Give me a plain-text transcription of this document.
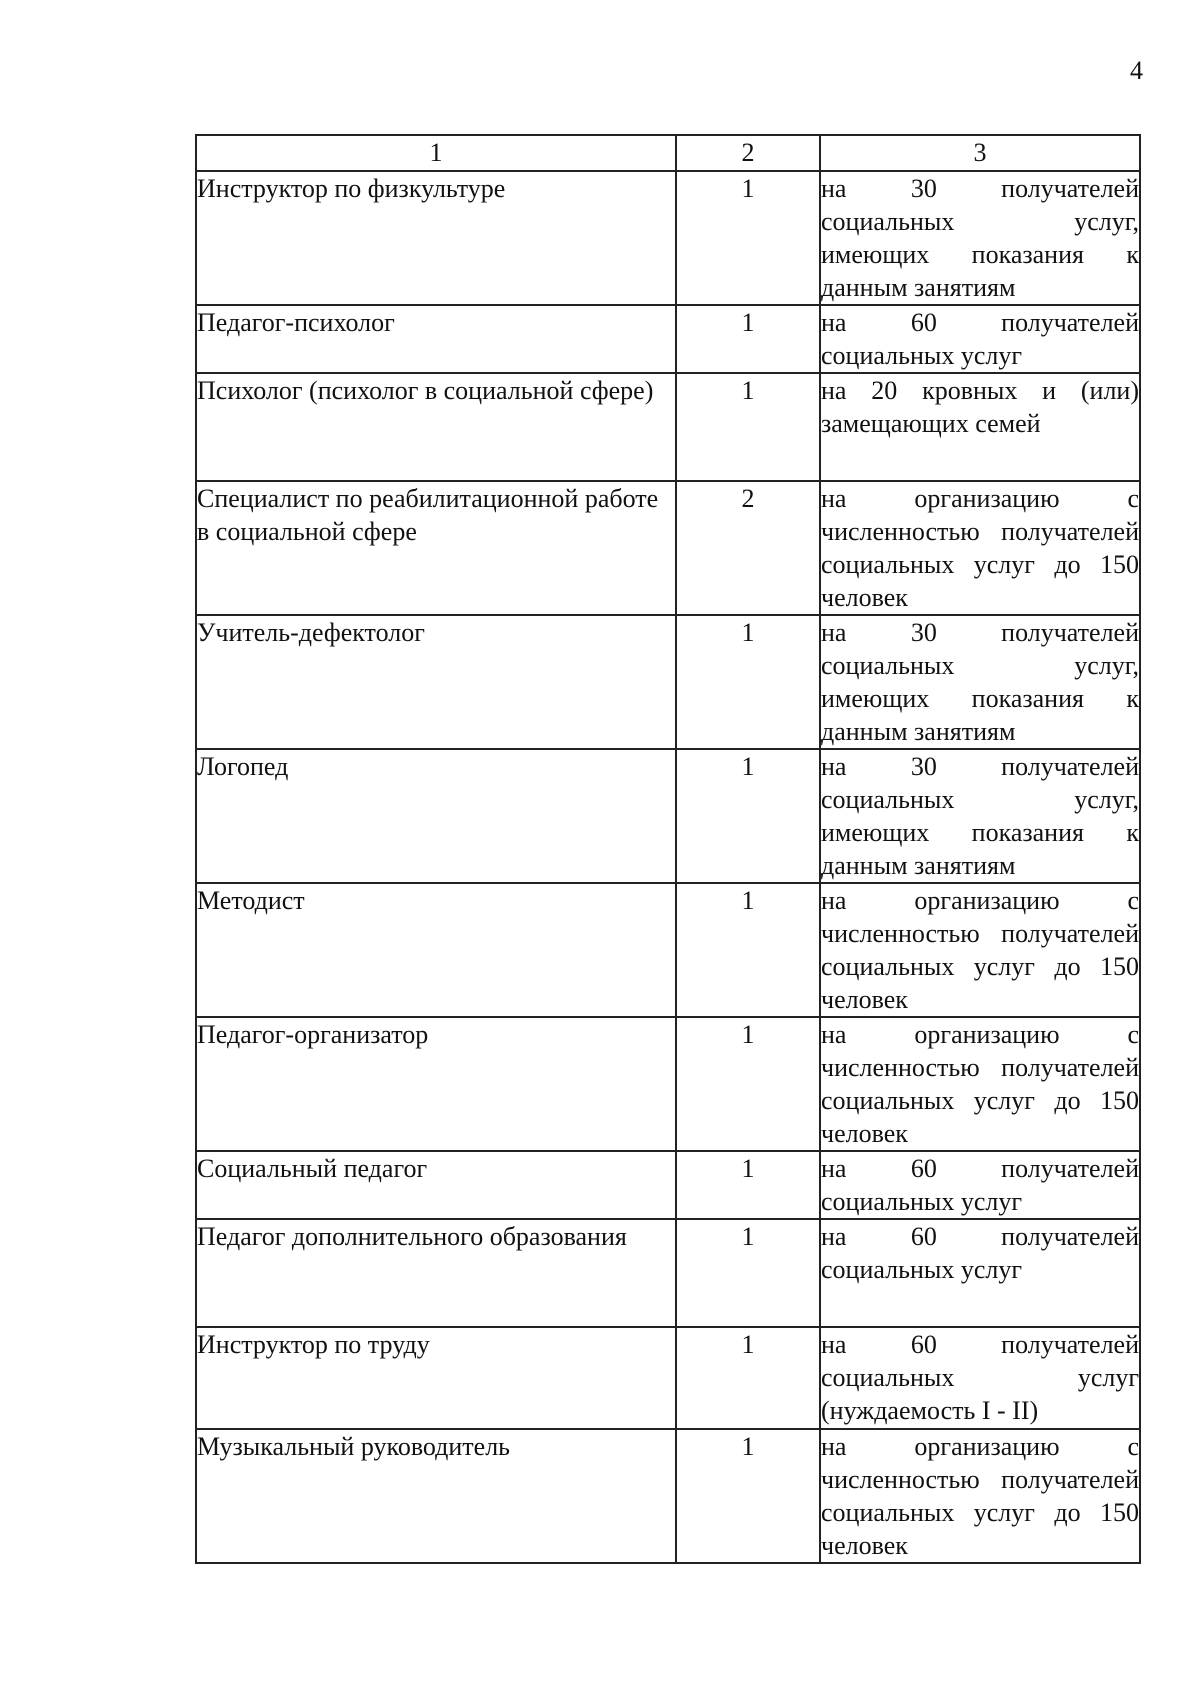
4
1	2	3
Инструктор по физкультуре	1	на 30 получателей социальных услуг, имеющих показания к данным занятиям
Педагог-психолог	1	на 60 получателей социальных услуг
Психолог (психолог в социальной сфере)	1	на 20 кровных и (или) замещающих семей
Специалист по реабилитационной работе в социальной сфере	2	на организацию с численностью получателей социальных услуг до 150 человек
Учитель-дефектолог	1	на 30 получателей социальных услуг, имеющих показания к данным занятиям
Логопед	1	на 30 получателей социальных услуг, имеющих показания к данным занятиям
Методист	1	на организацию с численностью получателей социальных услуг до 150 человек
Педагог-организатор	1	на организацию с численностью получателей социальных услуг до 150 человек
Социальный педагог	1	на 60 получателей социальных услуг
Педагог дополнительного образования	1	на 60 получателей социальных услуг
Инструктор по труду	1	на 60 получателей социальных услуг (нуждаемость I - II)
Музыкальный руководитель	1	на организацию с численностью получателей социальных услуг до 150 человек
